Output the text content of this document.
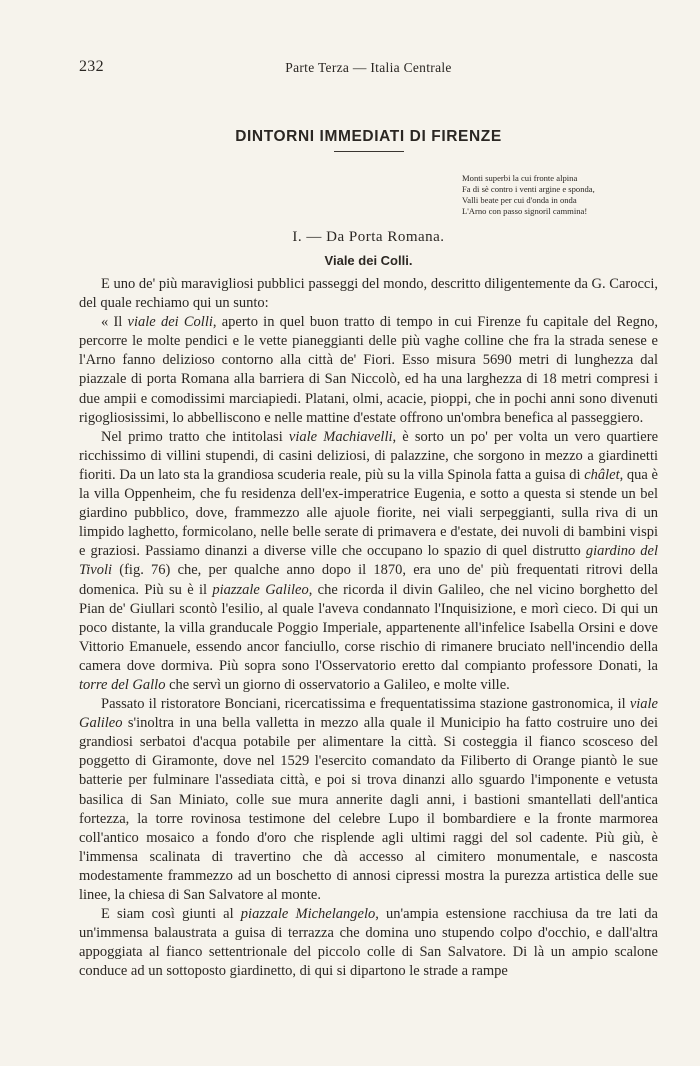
232	Parte Terza — Italia Centrale
DINTORNI IMMEDIATI DI FIRENZE
Monti superbi la cui fronte alpina
Fa di sè contro i venti argine e sponda,
Valli beate per cui d'onda in onda
L'Arno con passo signoril cammina!
I. — Da Porta Romana.
Viale dei Colli.

E uno de' più maravigliosi pubblici passeggi del mondo, descritto diligentemente da G. Carocci, del quale rechiamo qui un sunto:

« Il viale dei Colli, aperto in quel buon tratto di tempo in cui Firenze fu capitale del Regno, percorre le molte pendici e le vette pianeggianti delle più vaghe colline che fra la strada senese e l'Arno fanno delizioso contorno alla città de' Fiori. Esso misura 5690 metri di lunghezza dal piazzale di porta Romana alla barriera di San Niccolò, ed ha una larghezza di 18 metri compresi i due ampii e comodissimi marciapiedi. Platani, olmi, acacie, pioppi, che in pochi anni sono divenuti rigogliosissimi, lo abbelliscono e nelle mattine d'estate offrono un'ombra benefica al passeggiero.

Nel primo tratto che intitolasi viale Machiavelli, è sorto un po' per volta un vero quartiere ricchissimo di villini stupendi, di casini deliziosi, di palazzine, che sorgono in mezzo a giardinetti fioriti. Da un lato sta la grandiosa scuderia reale, più su la villa Spinola fatta a guisa di châlet, qua è la villa Oppenheim, che fu residenza dell'ex-imperatrice Eugenia, e sotto a questa si stende un bel giardino pubblico, dove, frammezzo alle ajuole fiorite, nei viali serpeggianti, sulla riva di un limpido laghetto, formicolano, nelle belle serate di primavera e d'estate, dei nuvoli di bambini vispi e graziosi. Passiamo dinanzi a diverse ville che occupano lo spazio di quel distrutto giardino del Tivoli (fig. 76) che, per qualche anno dopo il 1870, era uno de' più frequentati ritrovi della domenica. Più su è il piazzale Galileo, che ricorda il divin Galileo, che nel vicino borghetto del Pian de' Giullari scontò l'esilio, al quale l'aveva condannato l'Inquisizione, e morì cieco. Di qui un poco distante, la villa granducale Poggio Imperiale, appartenente all'infelice Isabella Orsini e dove Vittorio Emanuele, essendo ancor fanciullo, corse rischio di rimanere bruciato nell'incendio della camera dove dormiva. Più sopra sono l'Osservatorio eretto dal compianto professore Donati, la torre del Gallo che servì un giorno di osservatorio a Galileo, e molte ville.

Passato il ristoratore Bonciani, ricercatissima e frequentatissima stazione gastronomica, il viale Galileo s'inoltra in una bella valletta in mezzo alla quale il Municipio ha fatto costruire uno dei grandiosi serbatoi d'acqua potabile per alimentare la città. Si costeggia il fianco scosceso del poggetto di Giramonte, dove nel 1529 l'esercito comandato da Filiberto di Orange piantò le sue batterie per fulminare l'assediata città, e poi si trova dinanzi allo sguardo l'imponente e vetusta basilica di San Miniato, colle sue mura annerite dagli anni, i bastioni smantellati dell'antica fortezza, la torre rovinosa testimone del celebre Lupo il bombardiere e la fronte marmorea coll'antico mosaico a fondo d'oro che risplende agli ultimi raggi del sol cadente. Più giù, è l'immensa scalinata di travertino che dà accesso al cimitero monumentale, e nascosta modestamente frammezzo ad un boschetto di annosi cipressi mostra la purezza artistica delle sue linee, la chiesa di San Salvatore al monte.

E siam così giunti al piazzale Michelangelo, un'ampia estensione racchiusa da tre lati da un'immensa balaustrata a guisa di terrazza che domina uno stupendo colpo d'occhio, e dall'altra appoggiata al fianco settentrionale del piccolo colle di San Salvatore. Di là un ampio scalone conduce ad un sottoposto giardinetto, di qui si dipartono le strade a rampe
